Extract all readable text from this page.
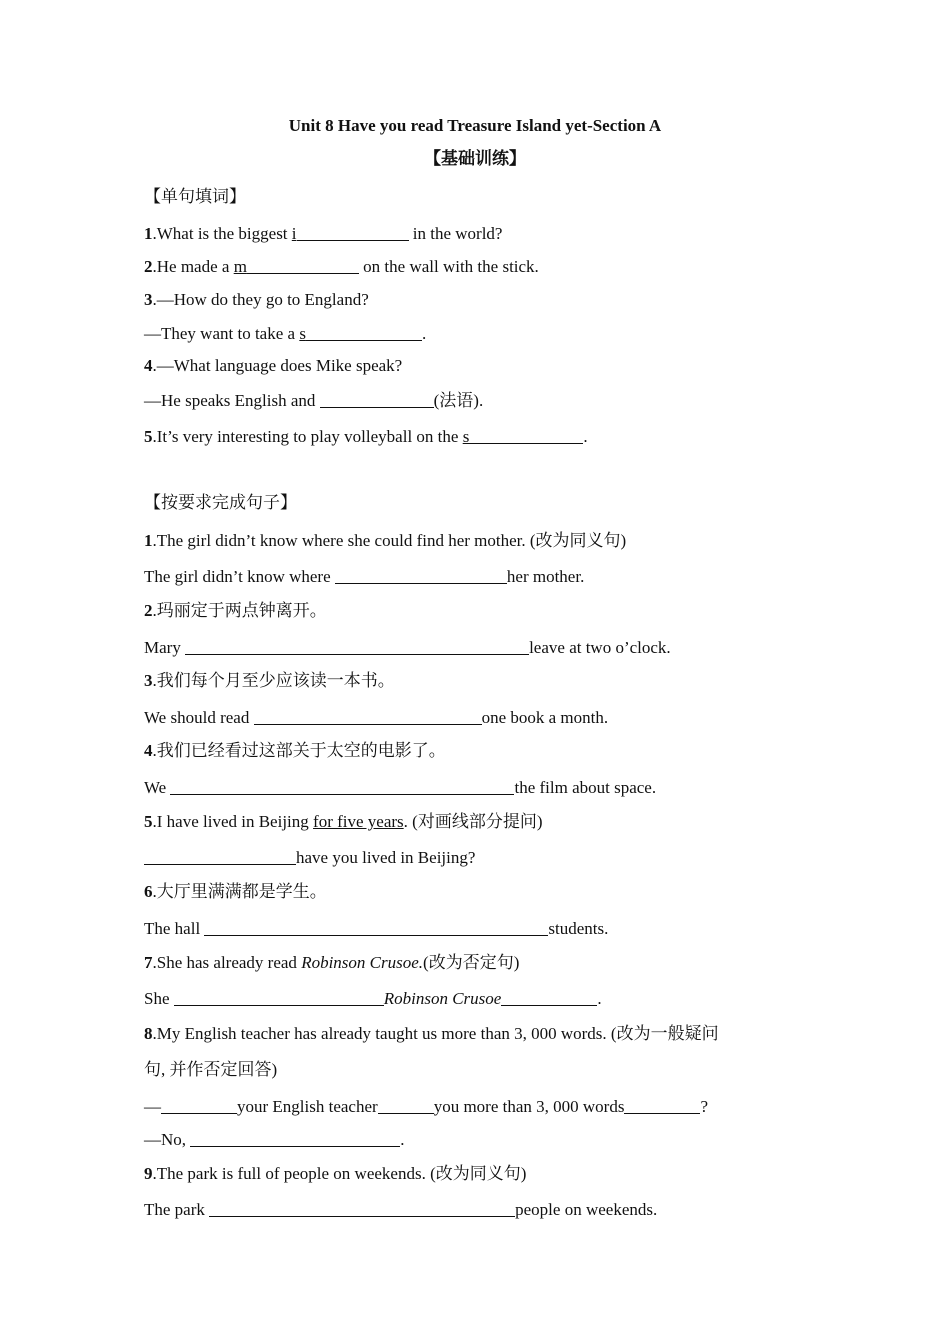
Unit 8 Have you read Treasure Island yet-Section A
【基础训练】
【单句填词】
1.What is the biggest i	in the world?
2.He made a m	on the wall with the stick.
3.—How do they go to England?
—They want to take a s	.
4.—What language does Mike speak?
—He speaks English and	(法语).
5.It’s very interesting to play volleyball on the s	.
【按要求完成句子】
1.The girl didn’t know where she could find her mother. (改为同义句)
The girl didn’t know where	her mother.
2.玛丽定于两点钟离开。
Mary	leave at two o’clock.
3.我们每个月至少应该读一本书。
We should read	one book a month.
4.我们已经看过这部关于太空的电影了。
We	the film about space.
5.I have lived in Beijing for five years. (对画线部分提问)
have you lived in Beijing?
6.大厅里满满都是学生。
The hall	students.
7.She has already read Robinson Crusoe.(改为否定句)
She	Robinson Crusoe	.
8.My English teacher has already taught us more than 3, 000 words. (改为一般疑问
句, 并作否定回答)
—	your English teacher	you more than 3, 000 words	?
—No,	.
9.The park is full of people on weekends. (改为同义句)
The park	people on weekends.
